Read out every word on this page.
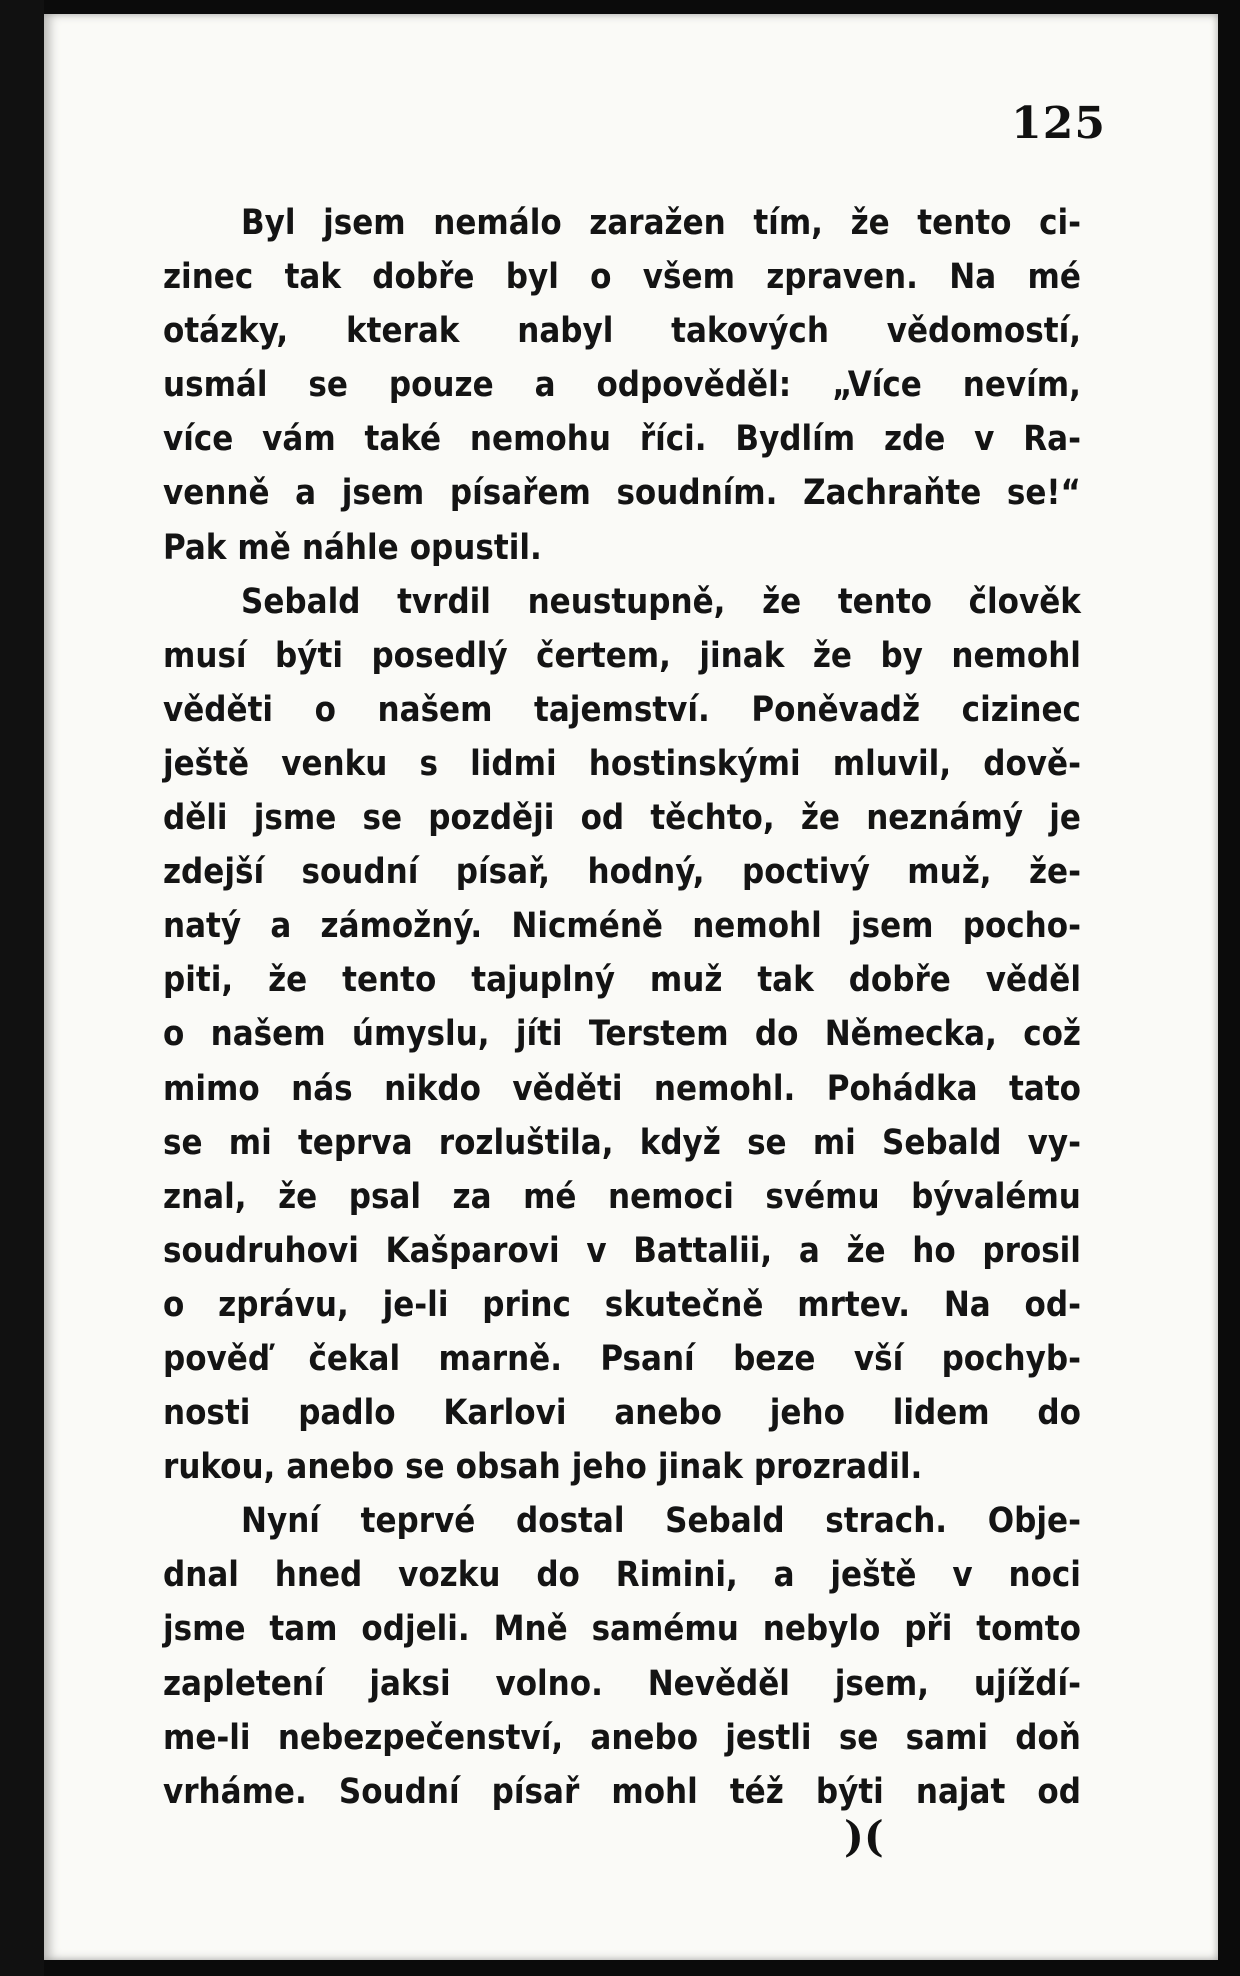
125
Byl jsem nemálo zaražen tím, že tento ci-
zinec tak dobře byl o všem zpraven. Na mé
otázky, kterak nabyl takových vědomostí,
usmál se pouze a odpověděl: „Více nevím,
více vám také nemohu říci. Bydlím zde v Ra-
venně a jsem písařem soudním. Zachraňte se!“
Pak mě náhle opustil.
Sebald tvrdil neustupně, že tento člověk
musí býti posedlý čertem, jinak že by nemohl
věděti o našem tajemství. Poněvadž cizinec
ještě venku s lidmi hostinskými mluvil, dově-
děli jsme se později od těchto, že neznámý je
zdejší soudní písař, hodný, poctivý muž, že-
natý a zámožný. Nicméně nemohl jsem pocho-
piti, že tento tajuplný muž tak dobře věděl
o našem úmyslu, jíti Terstem do Německa, což
mimo nás nikdo věděti nemohl. Pohádka tato
se mi teprva rozluštila, když se mi Sebald vy-
znal, že psal za mé nemoci svému bývalému
soudruhovi Kašparovi v Battalii, a že ho prosil
o zprávu, je-li princ skutečně mrtev. Na od-
pověď čekal marně. Psaní beze vší pochyb-
nosti padlo Karlovi anebo jeho lidem do
rukou, anebo se obsah jeho jinak prozradil.
Nyní teprvé dostal Sebald strach. Obje-
dnal hned vozku do Rimini, a ještě v noci
jsme tam odjeli. Mně samému nebylo při tomto
zapletení jaksi volno. Nevěděl jsem, ujíždí-
me-li nebezpečenství, anebo jestli se sami doň
vrháme. Soudní písař mohl též býti najat od
)(
